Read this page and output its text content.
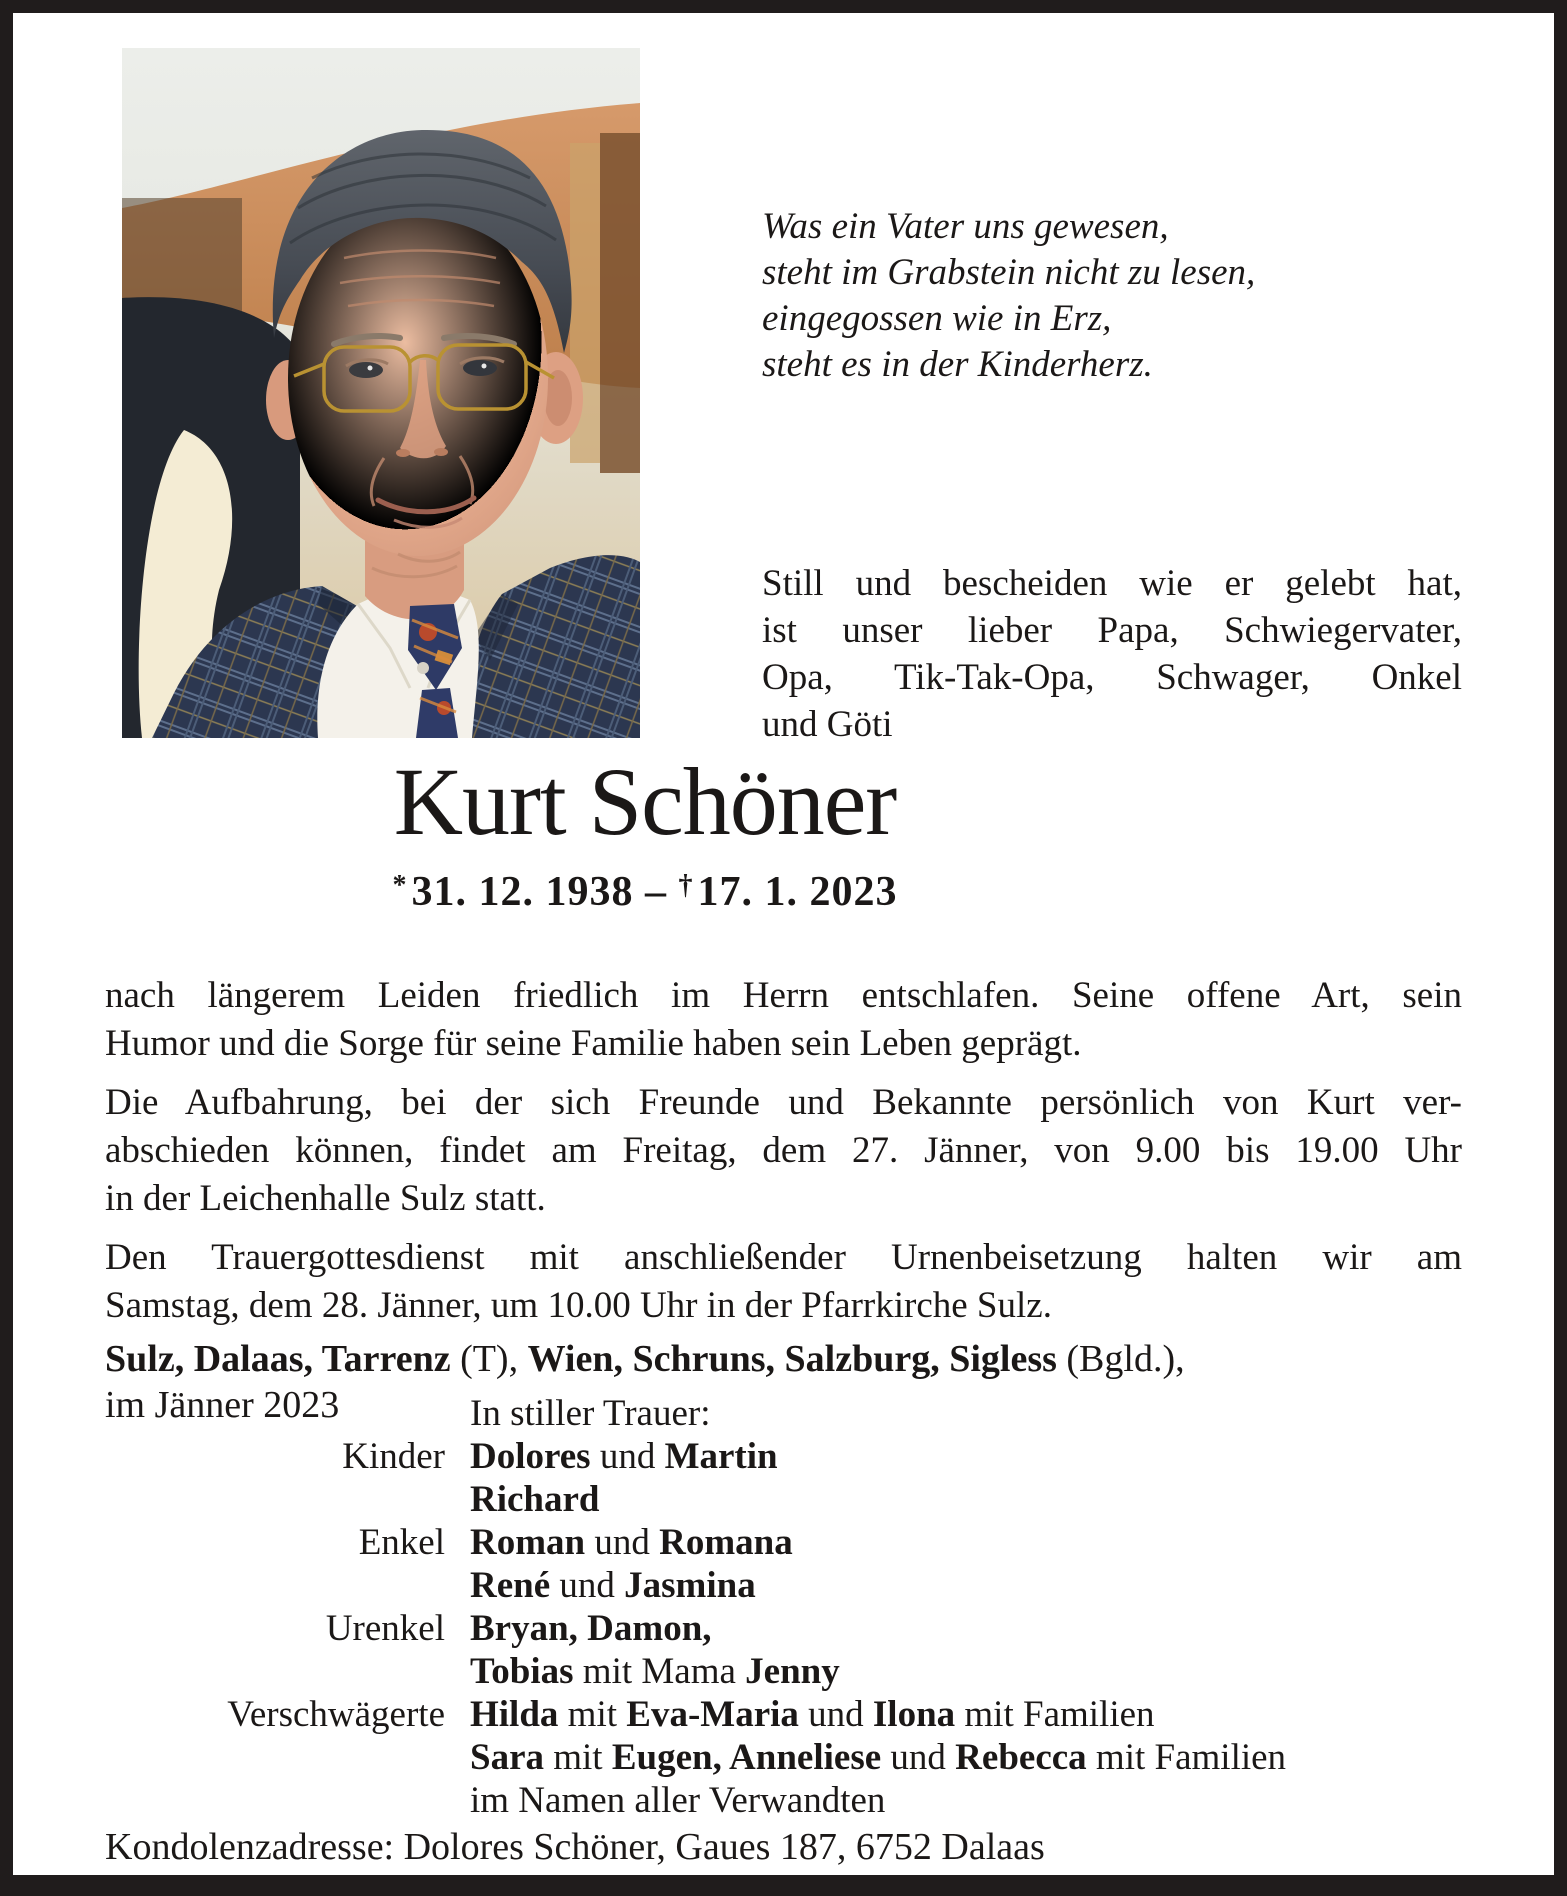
Was ein Vater uns gewesen,
steht im Grabstein nicht zu lesen,
eingegossen wie in Erz,
steht es in der Kinderherz.
Still und bescheiden wie er gelebt hat,
ist unser lieber Papa, Schwiegervater,
Opa, Tik-Tak-Opa, Schwager, Onkel
und Göti
Kurt Schöner
*31. 12. 1938 – †17. 1. 2023
nach längerem Leiden friedlich im Herrn entschlafen. Seine offene Art, sein
Humor und die Sorge für seine Familie haben sein Leben geprägt.
Die Aufbahrung, bei der sich Freunde und Bekannte persönlich von Kurt ver-
abschieden können, findet am Freitag, dem 27. Jänner, von 9.00 bis 19.00 Uhr
in der Leichenhalle Sulz statt.
Den Trauergottesdienst mit anschließender Urnenbeisetzung halten wir am
Samstag, dem 28. Jänner, um 10.00 Uhr in der Pfarrkirche Sulz.
Sulz, Dalaas, Tarrenz (T), Wien, Schruns, Salzburg, Sigless (Bgld.),
im Jänner 2023	In stiller Trauer:
Kinder Dolores und Martin
Richard
Enkel Roman und Romana
René und Jasmina
Urenkel Bryan, Damon,
Tobias mit Mama Jenny
Verschwägerte Hilda mit Eva-Maria und Ilona mit Familien
Sara mit Eugen, Anneliese und Rebecca mit Familien
im Namen aller Verwandten
Kondolenzadresse: Dolores Schöner, Gaues 187, 6752 Dalaas
